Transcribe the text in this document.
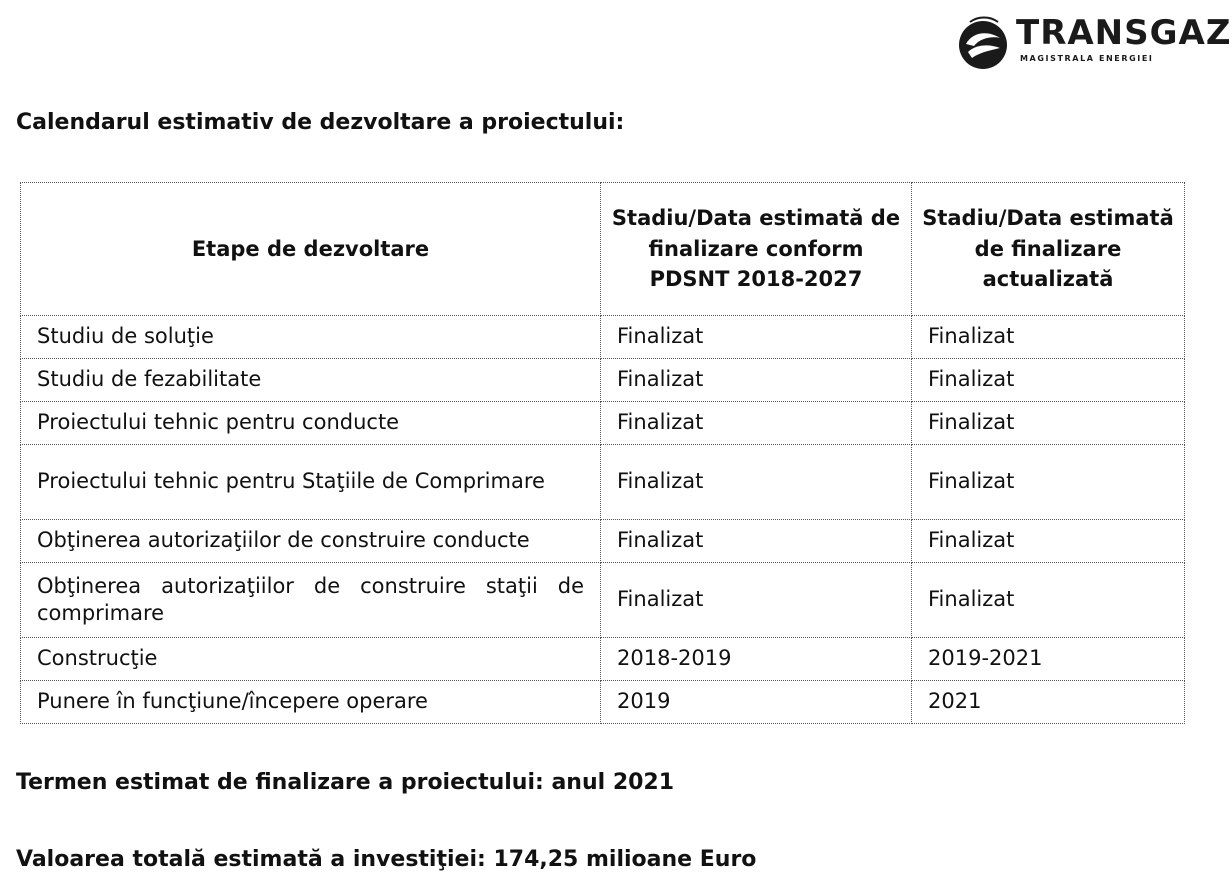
TRANSGAZ
MAGISTRALA ENERGIEI
Calendarul estimativ de dezvoltare a proiectului:
Etape de dezvoltare	Stadiu/Data estimată de finalizare conform PDSNT 2018-2027	Stadiu/Data estimată de finalizare actualizată
Studiu de soluţie	Finalizat	Finalizat
Studiu de fezabilitate	Finalizat	Finalizat
Proiectului tehnic pentru conducte	Finalizat	Finalizat
Proiectului tehnic pentru Staţiile de Comprimare	Finalizat	Finalizat
Obţinerea autorizaţiilor de construire conducte	Finalizat	Finalizat
Obţinerea autorizaţiilor de construire staţii de comprimare	Finalizat	Finalizat
Construcţie	2018-2019	2019-2021
Punere în funcţiune/începere operare	2019	2021
Termen estimat de finalizare a proiectului: anul 2021
Valoarea totală estimată a investiţiei: 174,25 milioane Euro
